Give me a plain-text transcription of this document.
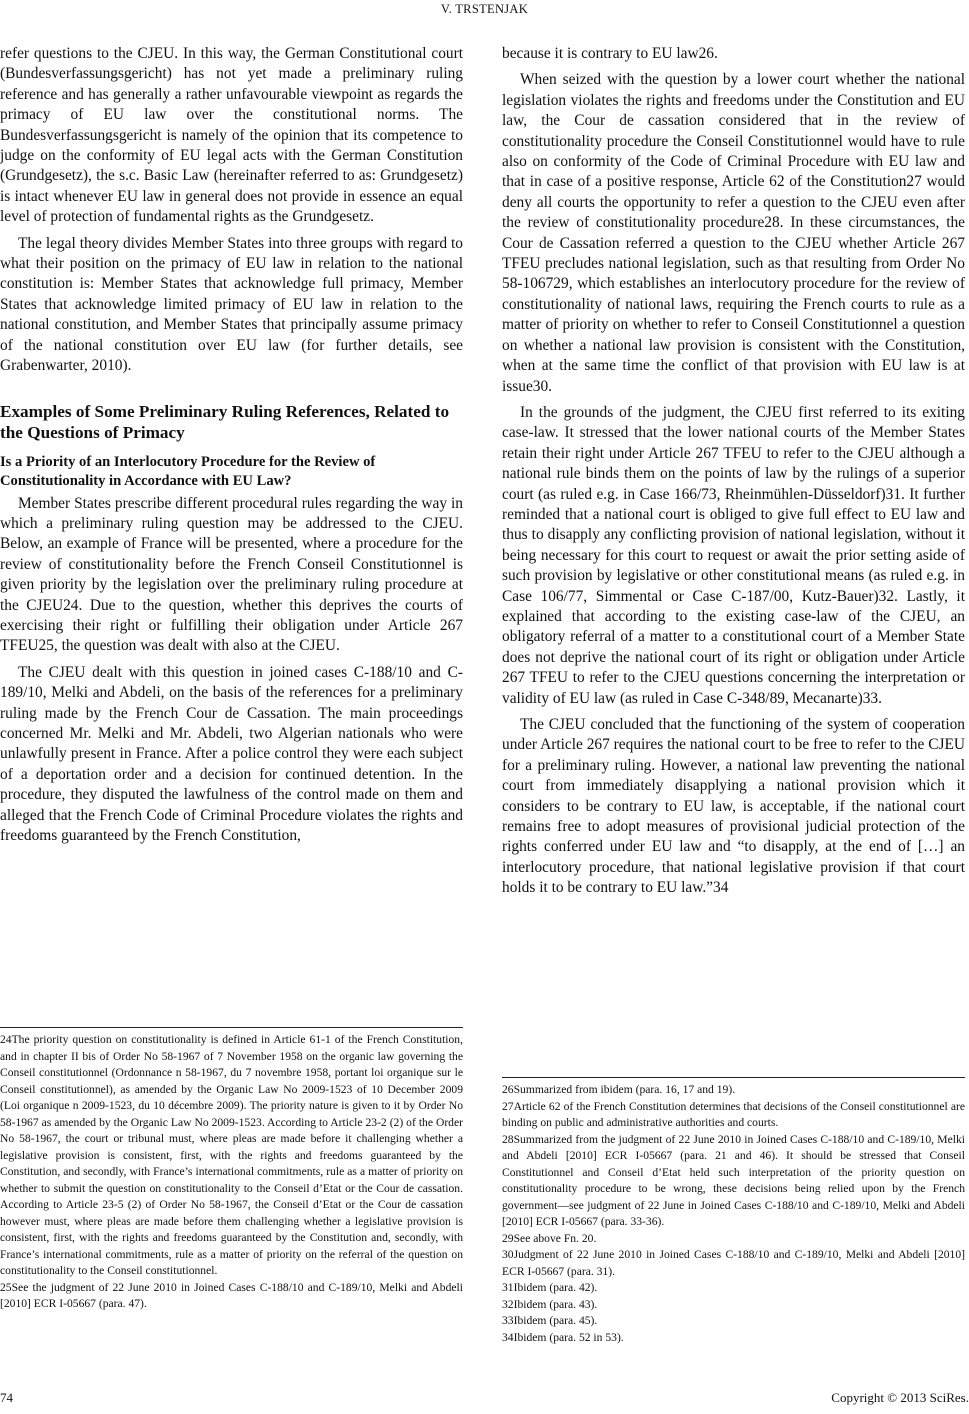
V. TRSTENJAK

refer questions to the CJEU. In this way, the German Constitutional court (Bundesverfassungsgericht) has not yet made a preliminary ruling reference and has generally a rather unfavourable viewpoint as regards the primacy of EU law over the constitutional norms. The Bundesverfassungsgericht is namely of the opinion that its competence to judge on the conformity of EU legal acts with the German Constitution (Grundgesetz), the s.c. Basic Law (hereinafter referred to as: Grundgesetz) is intact whenever EU law in general does not provide in essence an equal level of protection of fundamental rights as the Grundgesetz.

The legal theory divides Member States into three groups with regard to what their position on the primacy of EU law in relation to the national constitution is: Member States that acknowledge full primacy, Member States that acknowledge limited primacy of EU law in relation to the national constitution, and Member States that principally assume primacy of the national constitution over EU law (for further details, see Grabenwarter, 2010).

Examples of Some Preliminary Ruling References, Related to the Questions of Primacy
Is a Priority of an Interlocutory Procedure for the Review of Constitutionality in Accordance with EU Law?

Member States prescribe different procedural rules regarding the way in which a preliminary ruling question may be addressed to the CJEU. Below, an example of France will be presented, where a procedure for the review of constitutionality before the French Conseil Constitutionnel is given priority by the legislation over the preliminary ruling procedure at the CJEU24. Due to the question, whether this deprives the courts of exercising their right or fulfilling their obligation under Article 267 TFEU25, the question was dealt with also at the CJEU.

The CJEU dealt with this question in joined cases C-188/10 and C-189/10, Melki and Abdeli, on the basis of the references for a preliminary ruling made by the French Cour de Cassation. The main proceedings concerned Mr. Melki and Mr. Abdeli, two Algerian nationals who were unlawfully present in France. After a police control they were each subject of a deportation order and a decision for continued detention. In the procedure, they disputed the lawfulness of the control made on them and alleged that the French Code of Criminal Procedure violates the rights and freedoms guaranteed by the French Constitution,

24The priority question on constitutionality is defined in Article 61-1 of the French Constitution, and in chapter II bis of Order No 58-1967 of 7 November 1958 on the organic law governing the Conseil constitutionnel (Ordonnance n 58-1967, du 7 novembre 1958, portant loi organique sur le Conseil constitutionnel), as amended by the Organic Law No 2009-1523 of 10 December 2009 (Loi organique n 2009-1523, du 10 décembre 2009). The priority nature is given to it by Order No 58-1967 as amended by the Organic Law No 2009-1523. According to Article 23-2 (2) of the Order No 58-1967, the court or tribunal must, where pleas are made before it challenging whether a legislative provision is consistent, first, with the rights and freedoms guaranteed by the Constitution, and secondly, with France’s international commitments, rule as a matter of priority on whether to submit the question on constitutionality to the Conseil d’Etat or the Cour de cassation. According to Article 23-5 (2) of Order No 58-1967, the Conseil d’Etat or the Cour de cassation however must, where pleas are made before them challenging whether a legislative provision is consistent, first, with the rights and freedoms guaranteed by the Constitution and, secondly, with France’s international commitments, rule as a matter of priority on the referral of the question on constitutionality to the Conseil constitutionnel.

25See the judgment of 22 June 2010 in Joined Cases C-188/10 and C-189/10, Melki and Abdeli [2010] ECR I-05667 (para. 47).

because it is contrary to EU law26.

When seized with the question by a lower court whether the national legislation violates the rights and freedoms under the Constitution and EU law, the Cour de cassation considered that in the review of constitutionality procedure the Conseil Constitutionnel would have to rule also on conformity of the Code of Criminal Procedure with EU law and that in case of a positive response, Article 62 of the Constitution27 would deny all courts the opportunity to refer a question to the CJEU even after the review of constitutionality procedure28. In these circumstances, the Cour de Cassation referred a question to the CJEU whether Article 267 TFEU precludes national legislation, such as that resulting from Order No 58-106729, which establishes an interlocutory procedure for the review of constitutionality of national laws, requiring the French courts to rule as a matter of priority on whether to refer to Conseil Constitutionnel a question on whether a national law provision is consistent with the Constitution, when at the same time the conflict of that provision with EU law is at issue30.

In the grounds of the judgment, the CJEU first referred to its exiting case-law. It stressed that the lower national courts of the Member States retain their right under Article 267 TFEU to refer to the CJEU although a national rule binds them on the points of law by the rulings of a superior court (as ruled e.g. in Case 166/73, Rheinmühlen-Düsseldorf)31. It further reminded that a national court is obliged to give full effect to EU law and thus to disapply any conflicting provision of national legislation, without it being necessary for this court to request or await the prior setting aside of such provision by legislative or other constitutional means (as ruled e.g. in Case 106/77, Simmental or Case C-187/00, Kutz-Bauer)32. Lastly, it explained that according to the existing case-law of the CJEU, an obligatory referral of a matter to a constitutional court of a Member State does not deprive the national court of its right or obligation under Article 267 TFEU to refer to the CJEU questions concerning the interpretation or validity of EU law (as ruled in Case C-348/89, Mecanarte)33.

The CJEU concluded that the functioning of the system of cooperation under Article 267 requires the national court to be free to refer to the CJEU for a preliminary ruling. However, a national law preventing the national court from immediately disapplying a national provision which it considers to be contrary to EU law, is acceptable, if the national court remains free to adopt measures of provisional judicial protection of the rights conferred under EU law and “to disapply, at the end of […] an interlocutory procedure, that national legislative provision if that court holds it to be contrary to EU law.”34

26Summarized from ibidem (para. 16, 17 and 19).

27Article 62 of the French Constitution determines that decisions of the Conseil constitutionnel are binding on public and administrative authorities and courts.

28Summarized from the judgment of 22 June 2010 in Joined Cases C-188/10 and C-189/10, Melki and Abdeli [2010] ECR I-05667 (para. 21 and 46). It should be stressed that Conseil Constitutionnel and Conseil d’Etat held such interpretation of the priority question on constitutionality procedure to be wrong, these decisions being relied upon by the French government—see judgment of 22 June in Joined Cases C-188/10 and C-189/10, Melki and Abdeli [2010] ECR I-05667 (para. 33-36).

29See above Fn. 20.

30Judgment of 22 June 2010 in Joined Cases C-188/10 and C-189/10, Melki and Abdeli [2010] ECR I-05667 (para. 31).

31Ibidem (para. 42).

32Ibidem (para. 43).

33Ibidem (para. 45).

34Ibidem (para. 52 in 53).

74	Copyright © 2013 SciRes.
